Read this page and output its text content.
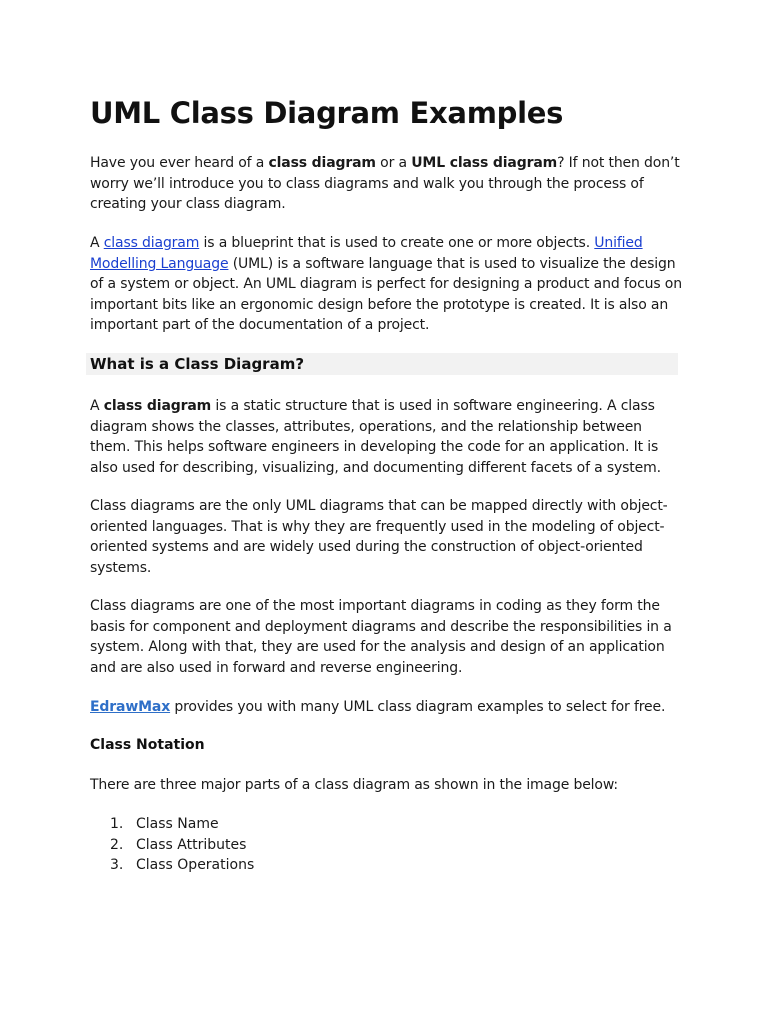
UML Class Diagram Examples

Have you ever heard of a class diagram or a UML class diagram? If not then don’t worry we’ll introduce you to class diagrams and walk you through the process of creating your class diagram.

A class diagram is a blueprint that is used to create one or more objects. Unified Modelling Language (UML) is a software language that is used to visualize the design of a system or object. An UML diagram is perfect for designing a product and focus on important bits like an ergonomic design before the prototype is created. It is also an important part of the documentation of a project.

What is a Class Diagram?

A class diagram is a static structure that is used in software engineering. A class diagram shows the classes, attributes, operations, and the relationship between them. This helps software engineers in developing the code for an application. It is also used for describing, visualizing, and documenting different facets of a system.

Class diagrams are the only UML diagrams that can be mapped directly with object-oriented languages. That is why they are frequently used in the modeling of object-oriented systems and are widely used during the construction of object-oriented systems.

Class diagrams are one of the most important diagrams in coding as they form the basis for component and deployment diagrams and describe the responsibilities in a system. Along with that, they are used for the analysis and design of an application and are also used in forward and reverse engineering.

EdrawMax provides you with many UML class diagram examples to select for free.

Class Notation

There are three major parts of a class diagram as shown in the image below:

1. Class Name
2. Class Attributes
3. Class Operations
